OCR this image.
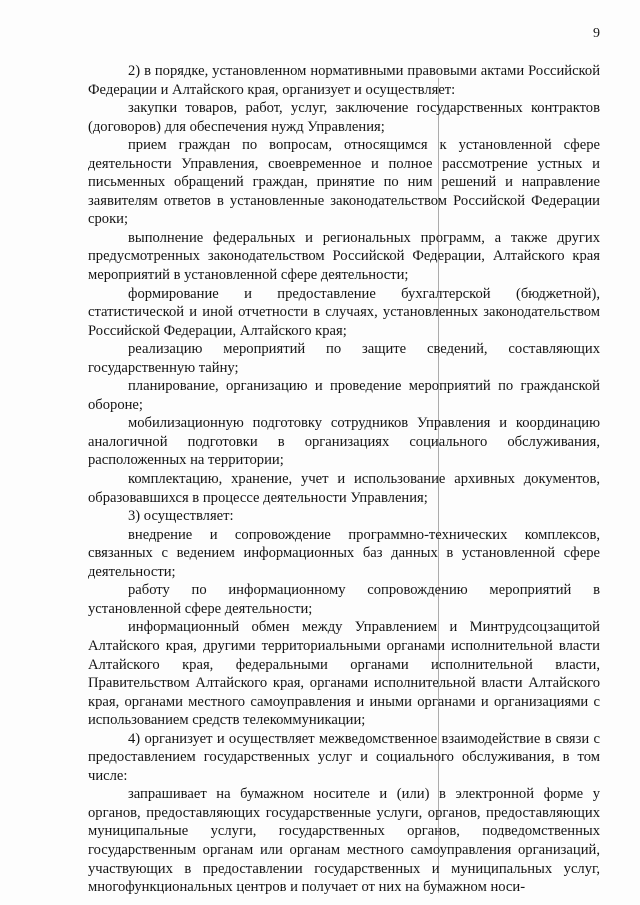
9

2) в порядке, установленном нормативными правовыми актами Российской Федерации и Алтайского края, организует и осуществляет:

закупки товаров, работ, услуг, заключение государственных контрактов (договоров) для обеспечения нужд Управления;

прием граждан по вопросам, относящимся к установленной сфере деятельности Управления, своевременное и полное рассмотрение устных и письменных обращений граждан, принятие по ним решений и направление заявителям ответов в установленные законодательством Российской Федерации сроки;

выполнение федеральных и региональных программ, а также других предусмотренных законодательством Российской Федерации, Алтайского края мероприятий в установленной сфере деятельности;

формирование и предоставление бухгалтерской (бюджетной), статистической и иной отчетности в случаях, установленных законодательством Российской Федерации, Алтайского края;

реализацию мероприятий по защите сведений, составляющих государственную тайну;

планирование, организацию и проведение мероприятий по гражданской обороне;

мобилизационную подготовку сотрудников Управления и координацию аналогичной подготовки в организациях социального обслуживания, расположенных на территории;

комплектацию, хранение, учет и использование архивных документов, образовавшихся в процессе деятельности Управления;

3) осуществляет:

внедрение и сопровождение программно-технических комплексов, связанных с ведением информационных баз данных в установленной сфере деятельности;

работу по информационному сопровождению мероприятий в установленной сфере деятельности;

информационный обмен между Управлением и Минтрудсоцзащитой Алтайского края, другими территориальными органами исполнительной власти Алтайского края, федеральными органами исполнительной власти, Правительством Алтайского края, органами исполнительной власти Алтайского края, органами местного самоуправления и иными органами и организациями с использованием средств телекоммуникации;

4) организует и осуществляет межведомственное взаимодействие в связи с предоставлением государственных услуг и социального обслуживания, в том числе:

запрашивает на бумажном носителе и (или) в электронной форме у органов, предоставляющих государственные услуги, органов, предоставляющих муниципальные услуги, государственных органов, подведомственных государственным органам или органам местного самоуправления организаций, участвующих в предоставлении государственных и муниципальных услуг, многофункциональных центров и получает от них на бумажном носи-
